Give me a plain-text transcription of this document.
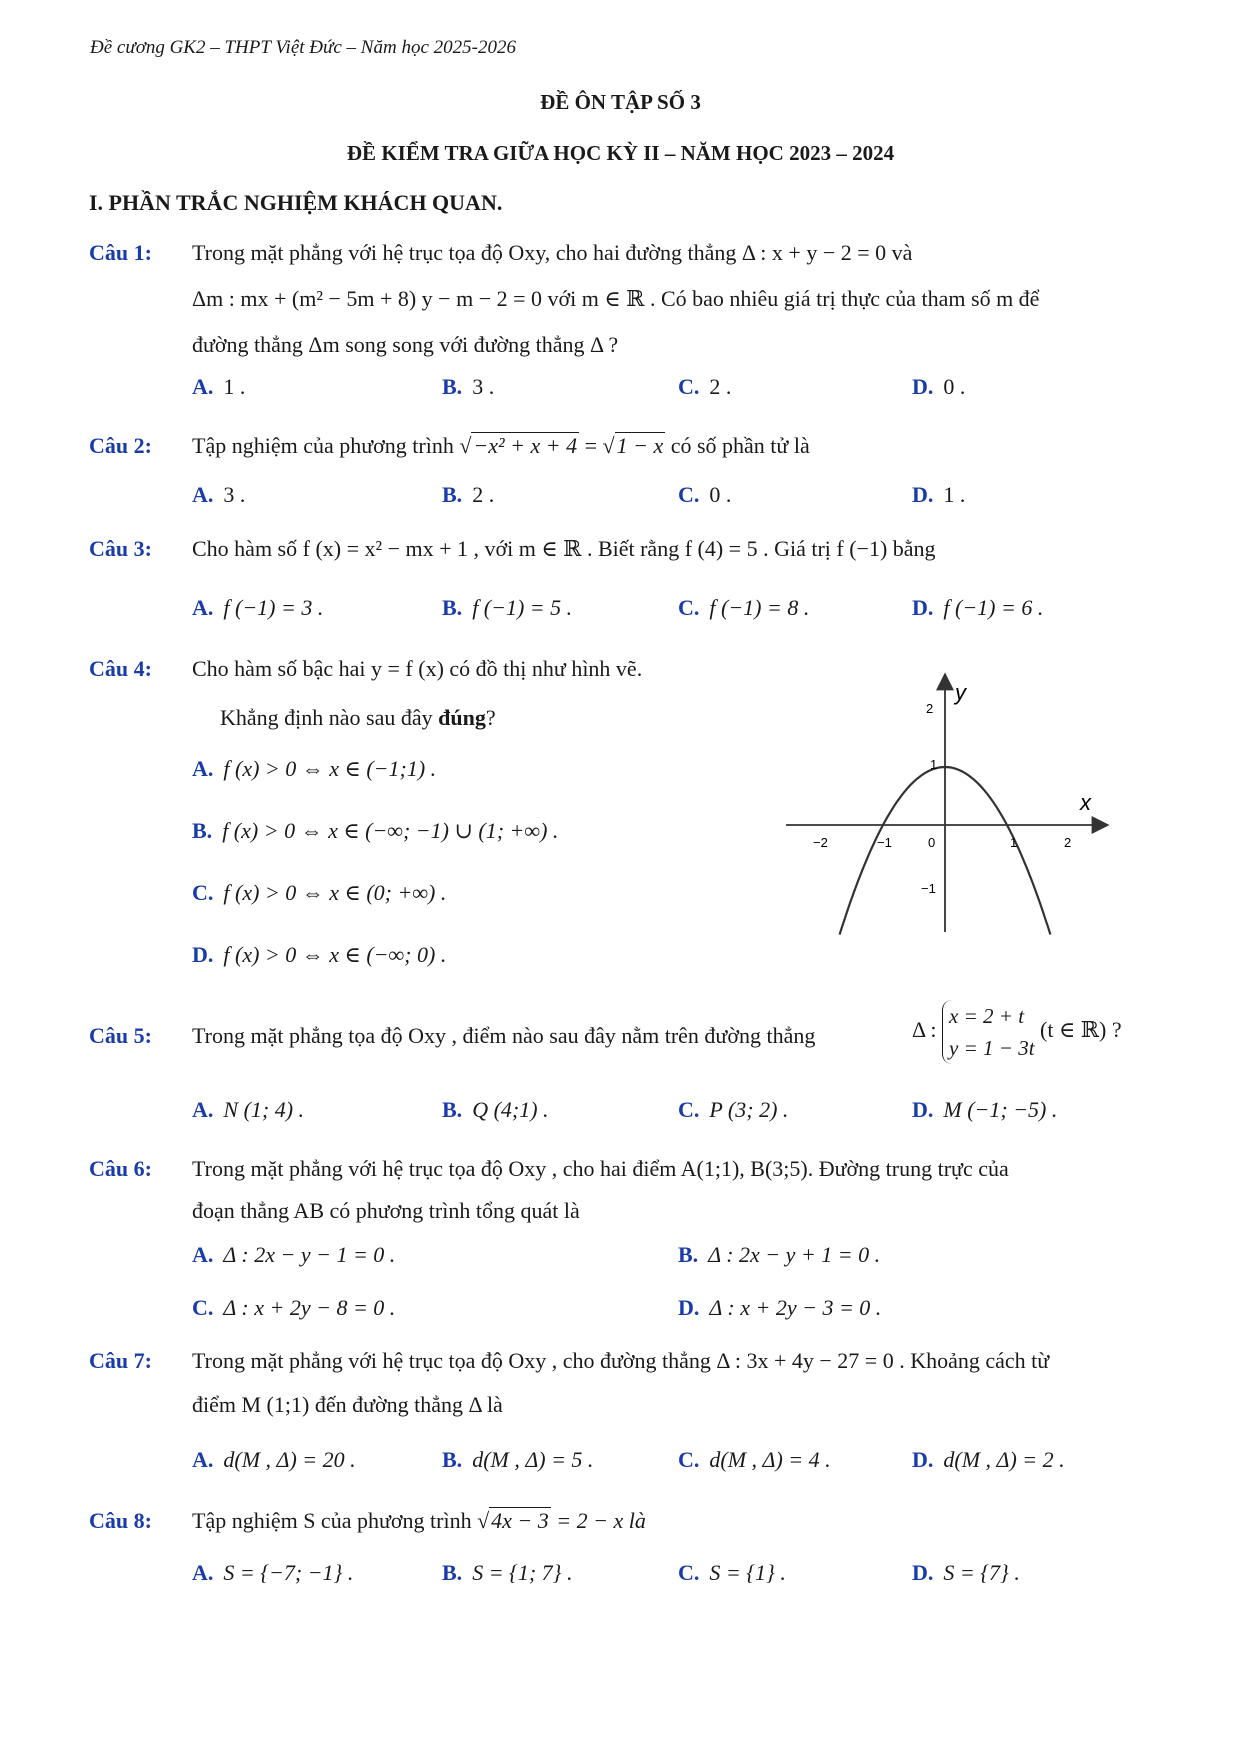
Đề cương GK2 – THPT Việt Đức – Năm học 2025-2026
ĐỀ ÔN TẬP SỐ 3
ĐỀ KIỂM TRA GIỮA HỌC KỲ II – NĂM HỌC 2023 – 2024
I. PHẦN TRẮC NGHIỆM KHÁCH QUAN.
Câu 1: Trong mặt phẳng với hệ trục tọa độ Oxy, cho hai đường thẳng Δ : x + y − 2 = 0 và
Δm : mx + (m² − 5m + 8) y − m − 2 = 0 với m ∈ ℝ . Có bao nhiêu giá trị thực của tham số m để
đường thẳng Δm song song với đường thẳng Δ ?
A. 1 .	B. 3 .	C. 2 .	D. 0 .
Câu 2: Tập nghiệm của phương trình √−x² + x + 4 = √1 − x có số phần tử là
A. 3 .	B. 2 .	C. 0 .	D. 1 .
Câu 3: Cho hàm số f (x) = x² − mx + 1 , với m ∈ ℝ . Biết rằng f (4) = 5 . Giá trị f (−1) bằng
A. f (−1) = 3 .	B. f (−1) = 5 .	C. f (−1) = 8 .	D. f (−1) = 6 .
Câu 4: Cho hàm số bậc hai y = f (x) có đồ thị như hình vẽ.
Khẳng định nào sau đây đúng?
A. f (x) > 0 ⇔ x ∈ (−1;1) .
B. f (x) > 0 ⇔ x ∈ (−∞; −1) ∪ (1; +∞) .
C. f (x) > 0 ⇔ x ∈ (0; +∞) .
D. f (x) > 0 ⇔ x ∈ (−∞; 0) .
x
y
−2	−1	0	1	2
2
1
−1
Câu 5: Trong mặt phẳng tọa độ Oxy , điểm nào sau đây nằm trên đường thẳng	Δ : x = 2 + t
y = 1 − 3t (t ∈ ℝ) ?
A. N (1; 4) .	B. Q (4;1) .	C. P (3; 2) .	D. M (−1; −5) .
Câu 6: Trong mặt phẳng với hệ trục tọa độ Oxy , cho hai điểm A(1;1), B(3;5). Đường trung trực của
đoạn thẳng AB có phương trình tổng quát là
A. Δ : 2x − y − 1 = 0 .	B. Δ : 2x − y + 1 = 0 .
C. Δ : x + 2y − 8 = 0 .	D. Δ : x + 2y − 3 = 0 .
Câu 7: Trong mặt phẳng với hệ trục tọa độ Oxy , cho đường thẳng Δ : 3x + 4y − 27 = 0 . Khoảng cách từ
điểm M (1;1) đến đường thẳng Δ là
A. d(M , Δ) = 20 .	B. d(M , Δ) = 5 .	C. d(M , Δ) = 4 .	D. d(M , Δ) = 2 .
Câu 8: Tập nghiệm S của phương trình √4x − 3 = 2 − x là
A. S = {−7; −1} .	B. S = {1; 7} .	C. S = {1} .	D. S = {7} .
